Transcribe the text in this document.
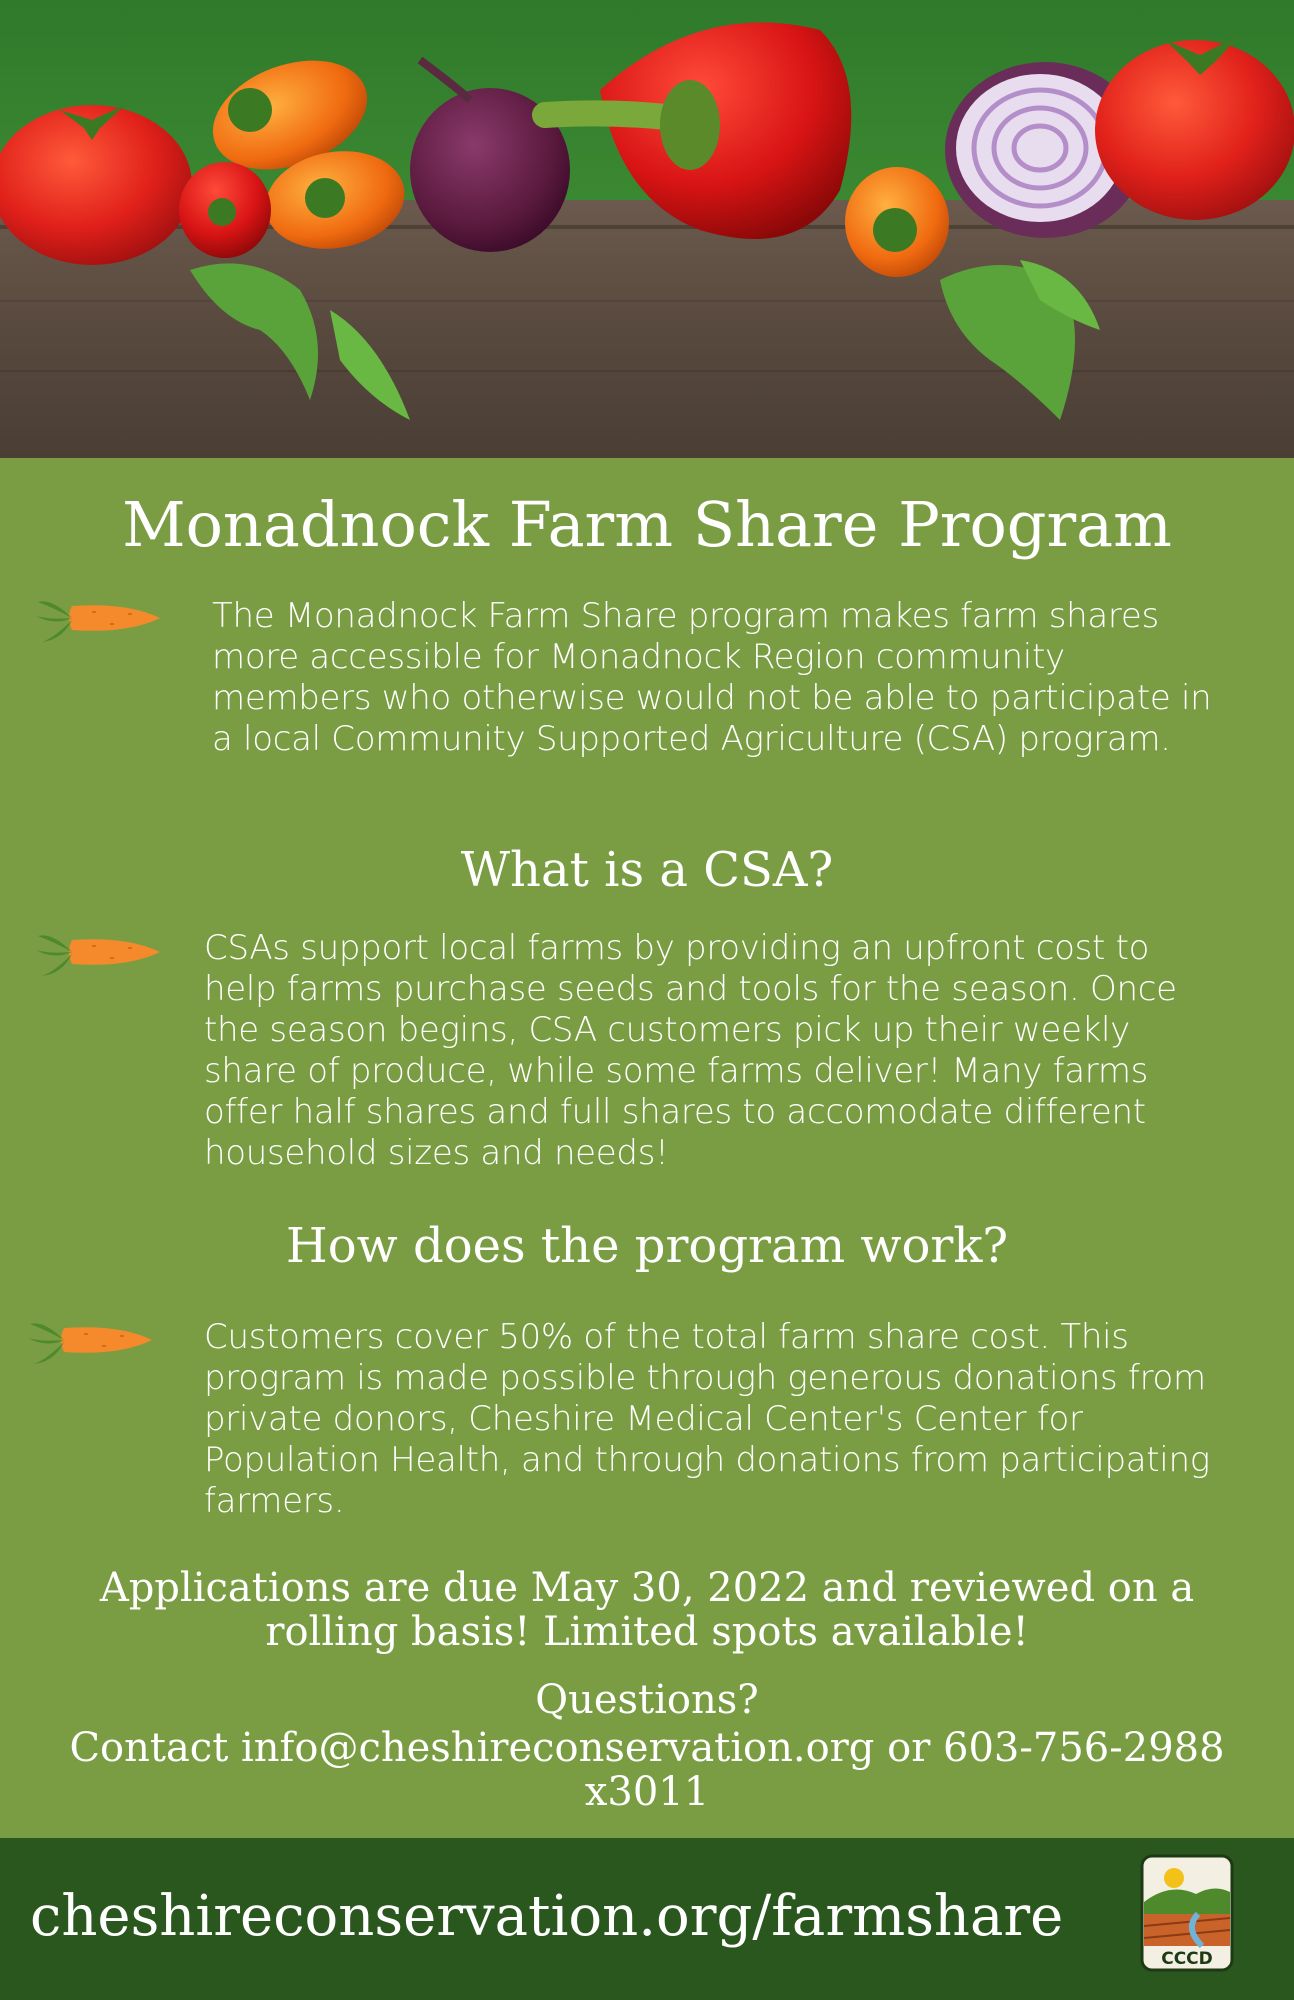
Monadnock Farm Share Program
The Monadnock Farm Share program makes farm shares more accessible for Monadnock Region community members who otherwise would not be able to participate in a local Community Supported Agriculture (CSA) program.
What is a CSA?
CSAs support local farms by providing an upfront cost to help farms purchase seeds and tools for the season. Once the season begins, CSA customers pick up their weekly share of produce, while some farms deliver! Many farms offer half shares and full shares to accomodate different household sizes and needs!
How does the program work?
Customers cover 50% of the total farm share cost. This program is made possible through generous donations from private donors, Cheshire Medical Center's Center for Population Health, and through donations from participating farmers.
Applications are due May 30, 2022 and reviewed on a rolling basis! Limited spots available!
Questions?
Contact info@cheshireconservation.org or 603-756-2988 x3011
cheshireconservation.org/farmshare
CCCD
